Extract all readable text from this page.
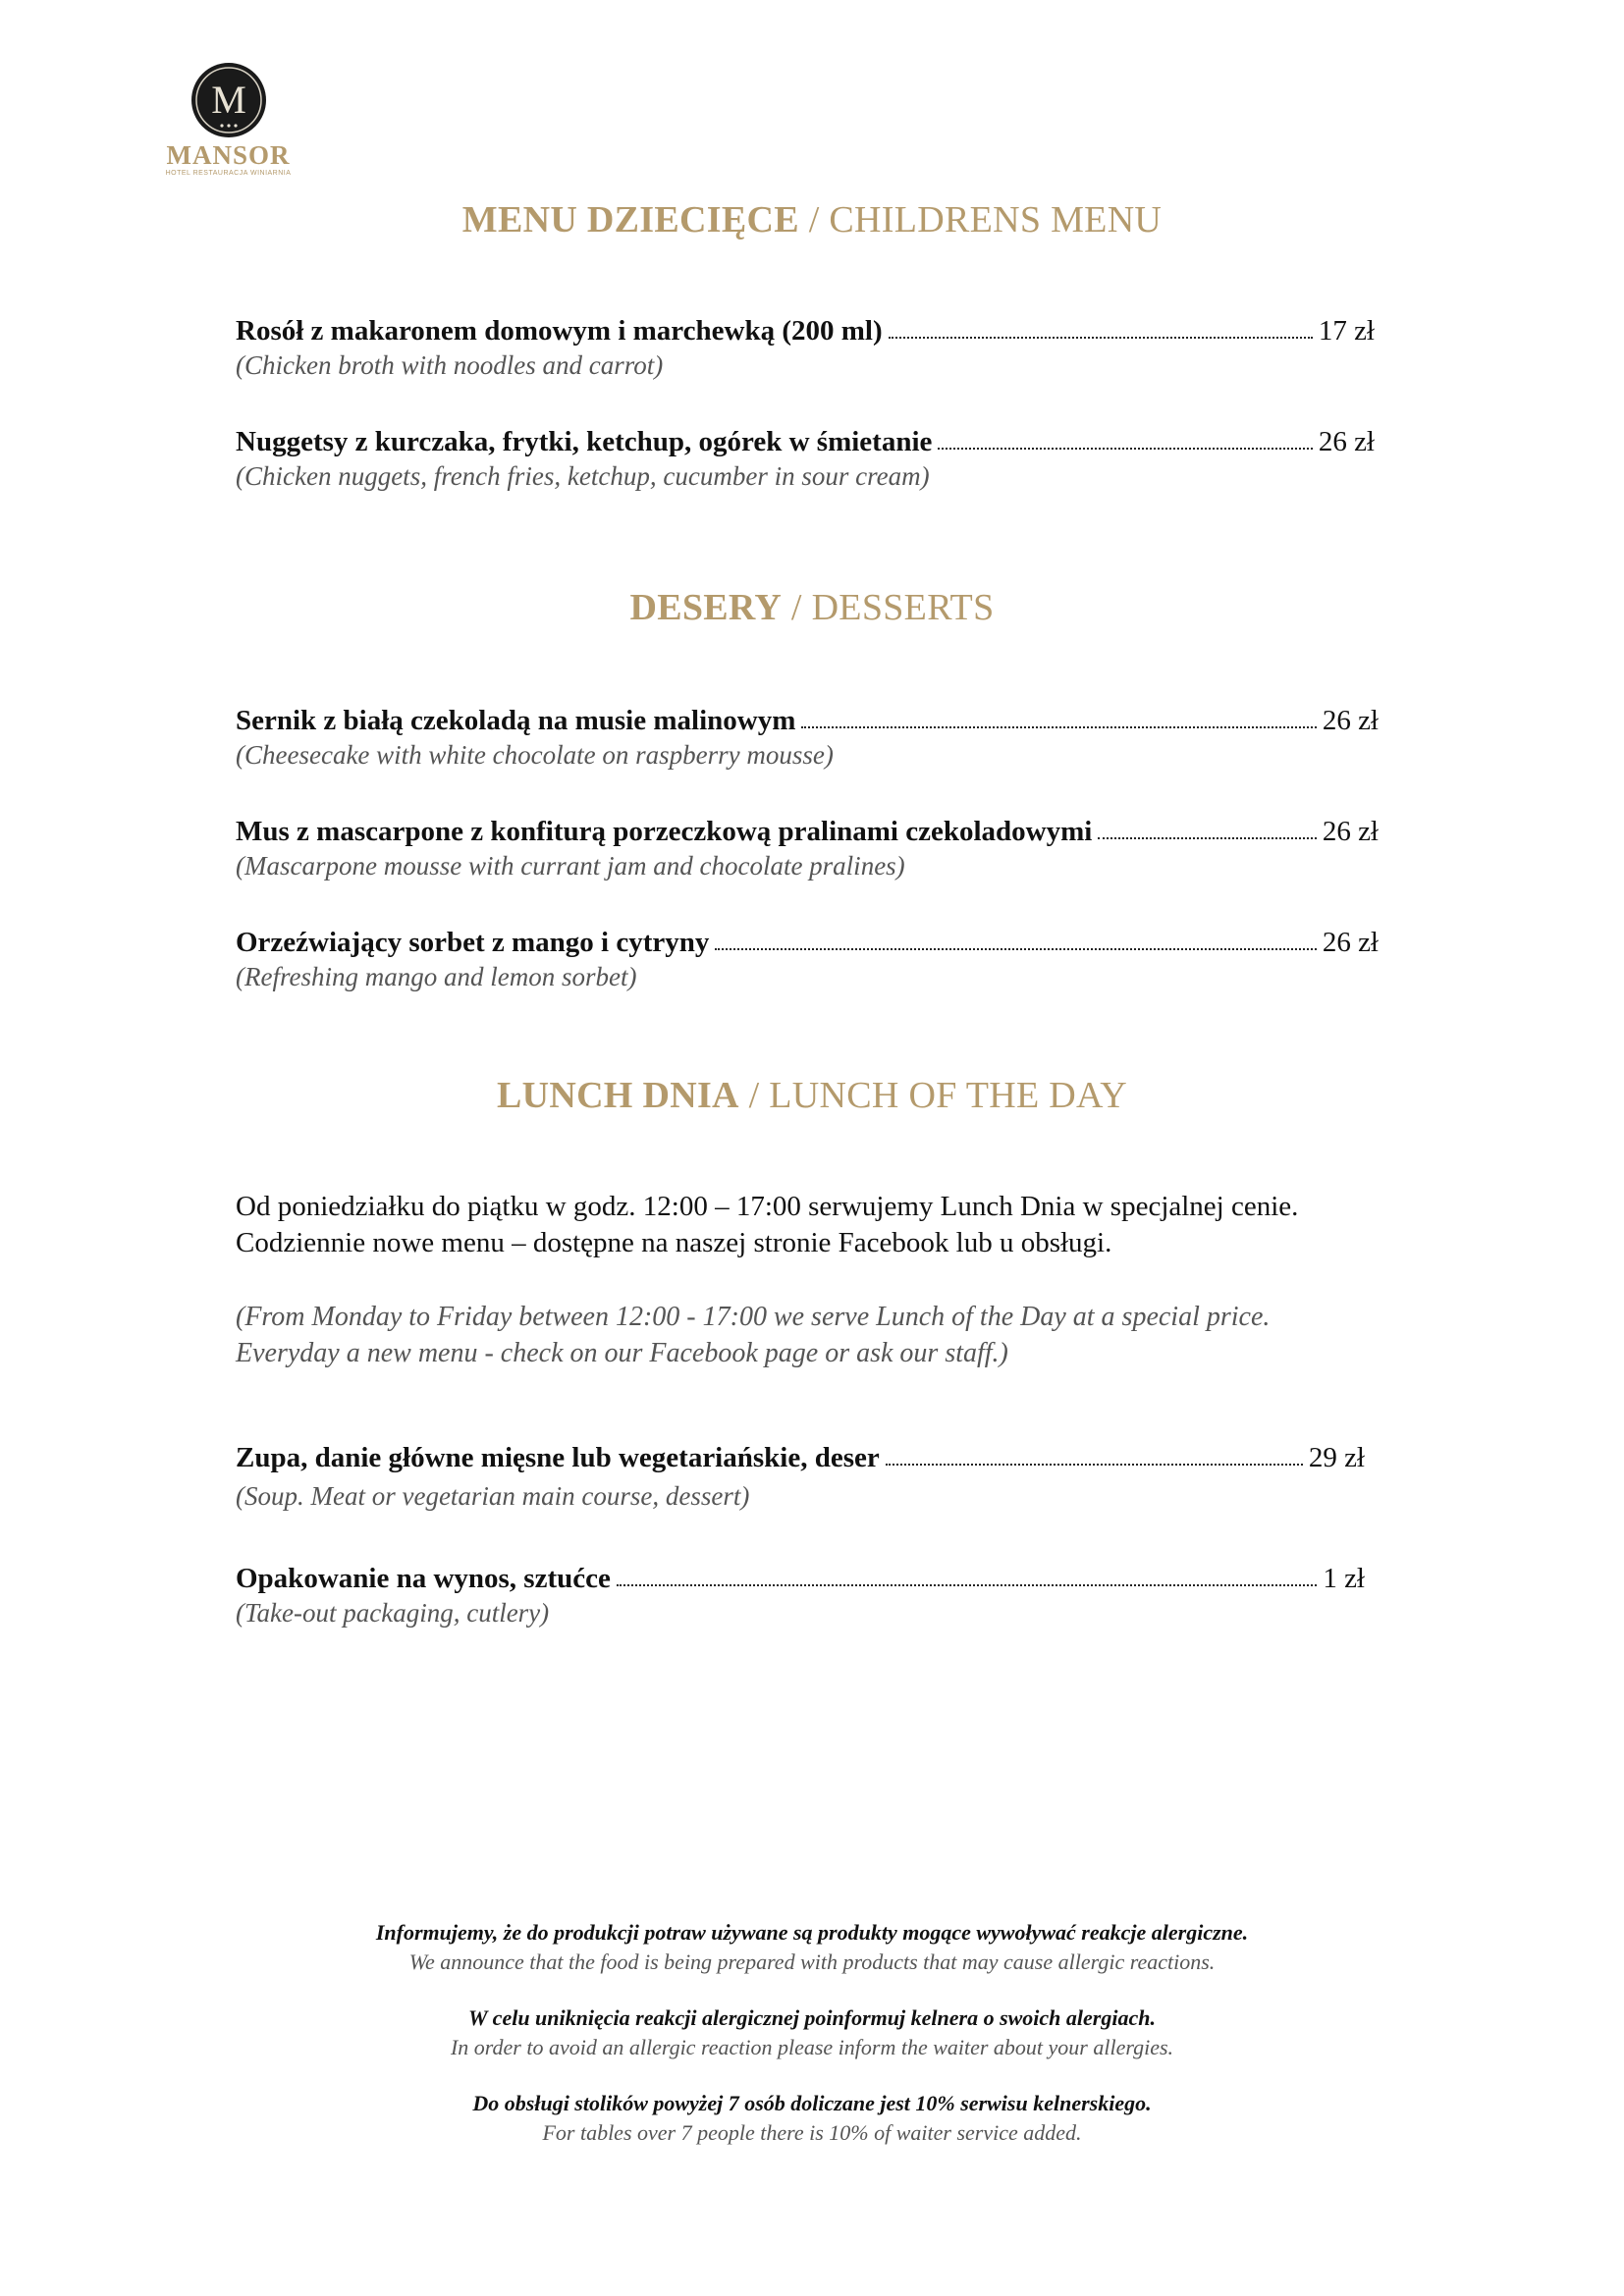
M
MANSOR
HOTEL RESTAURACJA WINIARNIA
MENU DZIECIĘCE / CHILDRENS MENU
Rosół z makaronem domowym i marchewką (200 ml)	17 zł
(Chicken broth with noodles and carrot)
Nuggetsy z kurczaka, frytki, ketchup, ogórek w śmietanie	26 zł
(Chicken nuggets, french fries, ketchup, cucumber in sour cream)
DESERY / DESSERTS
Sernik z białą czekoladą na musie malinowym	26 zł
(Cheesecake with white chocolate on raspberry mousse)
Mus z mascarpone z konfiturą porzeczkową pralinami czekoladowymi	26 zł
(Mascarpone mousse with currant jam and chocolate pralines)
Orzeźwiający sorbet z mango i cytryny	26 zł
(Refreshing mango and lemon sorbet)
LUNCH DNIA / LUNCH OF THE DAY
Od poniedziałku do piątku w godz. 12:00 – 17:00 serwujemy Lunch Dnia w specjalnej cenie. Codziennie nowe menu – dostępne na naszej stronie Facebook lub u obsługi.
(From Monday to Friday between 12:00 - 17:00 we serve Lunch of the Day at a special price. Everyday a new menu - check on our Facebook page or ask our staff.)
Zupa, danie główne mięsne lub wegetariańskie, deser	29 zł
(Soup. Meat or vegetarian main course, dessert)
Opakowanie na wynos, sztućce	1 zł
(Take-out packaging, cutlery)
Informujemy, że do produkcji potraw używane są produkty mogące wywoływać reakcje alergiczne.
We announce that the food is being prepared with products that may cause allergic reactions.
W celu uniknięcia reakcji alergicznej poinformuj kelnera o swoich alergiach.
In order to avoid an allergic reaction please inform the waiter about your allergies.
Do obsługi stolików powyżej 7 osób doliczane jest 10% serwisu kelnerskiego.
For tables over 7 people there is 10% of waiter service added.
